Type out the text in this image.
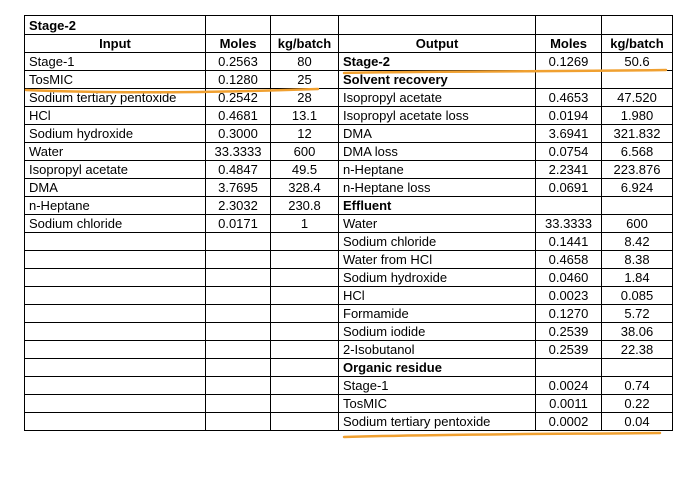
Stage-2					
Input	Moles	kg/batch	Output	Moles	kg/batch
Stage-1	0.2563	80	Stage-2	0.1269	50.6
TosMIC	0.1280	25	Solvent recovery		
Sodium tertiary pentoxide	0.2542	28	Isopropyl acetate	0.4653	47.520
HCl	0.4681	13.1	Isopropyl acetate loss	0.0194	1.980
Sodium hydroxide	0.3000	12	DMA	3.6941	321.832
Water	33.3333	600	DMA loss	0.0754	6.568
Isopropyl acetate	0.4847	49.5	n-Heptane	2.2341	223.876
DMA	3.7695	328.4	n-Heptane loss	0.0691	6.924
n-Heptane	2.3032	230.8	Effluent		
Sodium chloride	0.0171	1	Water	33.3333	600
			Sodium chloride	0.1441	8.42
			Water from HCl	0.4658	8.38
			Sodium hydroxide	0.0460	1.84
			HCl	0.0023	0.085
			Formamide	0.1270	5.72
			Sodium iodide	0.2539	38.06
			2-Isobutanol	0.2539	22.38
			Organic residue		
			Stage-1	0.0024	0.74
			TosMIC	0.0011	0.22
			Sodium tertiary pentoxide	0.0002	0.04
